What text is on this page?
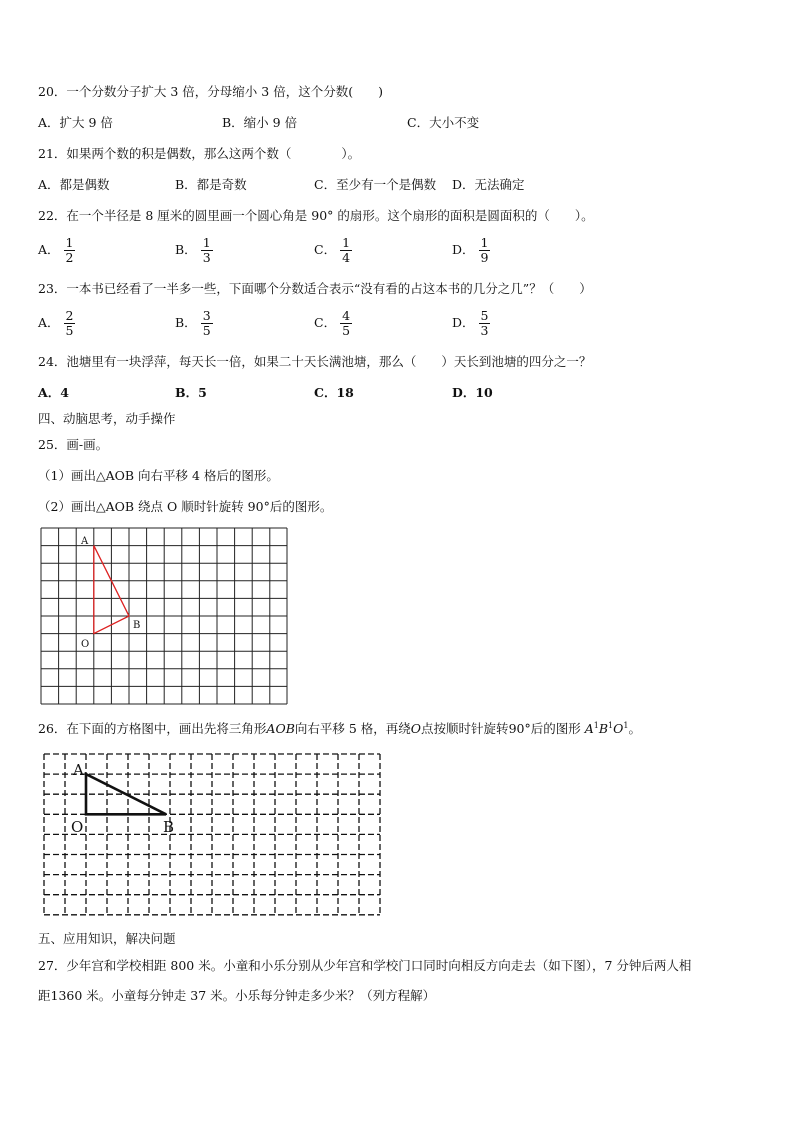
20．一个分数分子扩大 3 倍，分母缩小 3 倍，这个分数(　　)
A．扩大 9 倍	B．缩小 9 倍	C．大小不变
21．如果两个数的积是偶数，那么这两个数（　　　　）。
A．都是偶数	B．都是奇数	C．至少有一个是偶数 D．无法确定
22．在一个半径是 8 厘米的圆里画一个圆心角是 90° 的扇形。这个扇形的面积是圆面积的（　　）。
A． $\frac{1}{2}$	B． $\frac{1}{3}$	C． $\frac{1}{4}$	D． $\frac{1}{9}$
23．一本书已经看了一半多一些，下面哪个分数适合表示“没有看的占这本书的几分之几”？（　　）
A． $\frac{2}{5}$	B． $\frac{3}{5}$	C． $\frac{4}{5}$	D． $\frac{5}{3}$
24．池塘里有一块浮萍，每天长一倍，如果二十天长满池塘，那么（　　）天长到池塘的四分之一？
A．4	B．5	C．18	D．10
四、动脑思考，动手操作
25．画-画。
（1）画出△AOB 向右平移 4 格后的图形。
（2）画出△AOB 绕点 O 顺时针旋转 90°后的图形。
A
B
O
26．在下面的方格图中，画出先将三角形AOB向右平移 5 格，再绕O点按顺时针旋转90°后的图形 $A^1B^1O^1$。
A
O	B
五、应用知识，解决问题
27．少年宫和学校相距 800 米。小童和小乐分别从少年宫和学校门口同时向相反方向走去（如下图），7 分钟后两人相
距1360 米。小童每分钟走 37 米。小乐每分钟走多少米？（列方程解）
